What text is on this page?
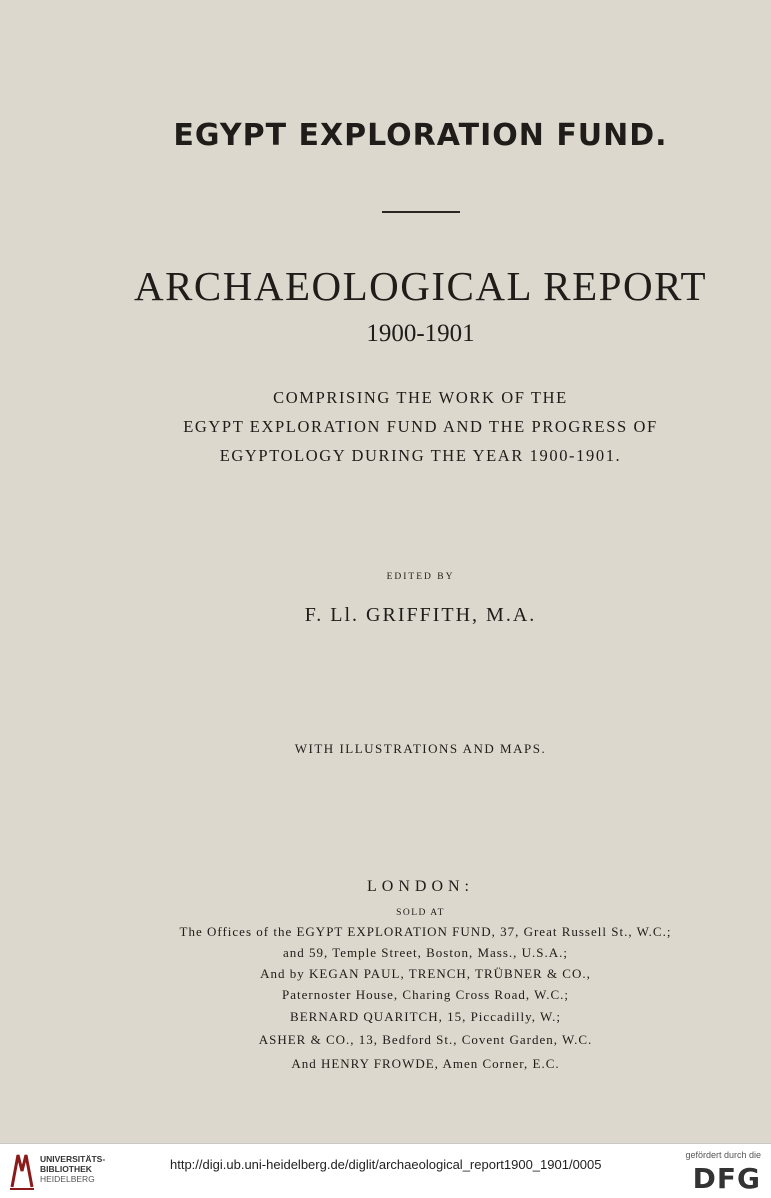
EGYPT EXPLORATION FUND.
ARCHAEOLOGICAL REPORT
1900-1901
COMPRISING THE WORK OF THE
EGYPT EXPLORATION FUND AND THE PROGRESS OF
EGYPTOLOGY DURING THE YEAR 1900-1901.
EDITED BY
F. Ll. GRIFFITH, M.A.
WITH ILLUSTRATIONS AND MAPS.
LONDON:
SOLD AT
The Offices of the EGYPT EXPLORATION FUND, 37, Great Russell St., W.C.;
and 59, Temple Street, Boston, Mass., U.S.A.;
And by KEGAN PAUL, TRENCH, TRÜBNER & CO.,
Paternoster House, Charing Cross Road, W.C.;
BERNARD QUARITCH, 15, Piccadilly, W.;
ASHER & CO., 13, Bedford St., Covent Garden, W.C.
And HENRY FROWDE, Amen Corner, E.C.
UNIVERSITÄTS-
BIBLIOTHEK
HEIDELBERG
http://digi.ub.uni-heidelberg.de/diglit/archaeological_report1900_1901/0005
gefördert durch die
DFG
